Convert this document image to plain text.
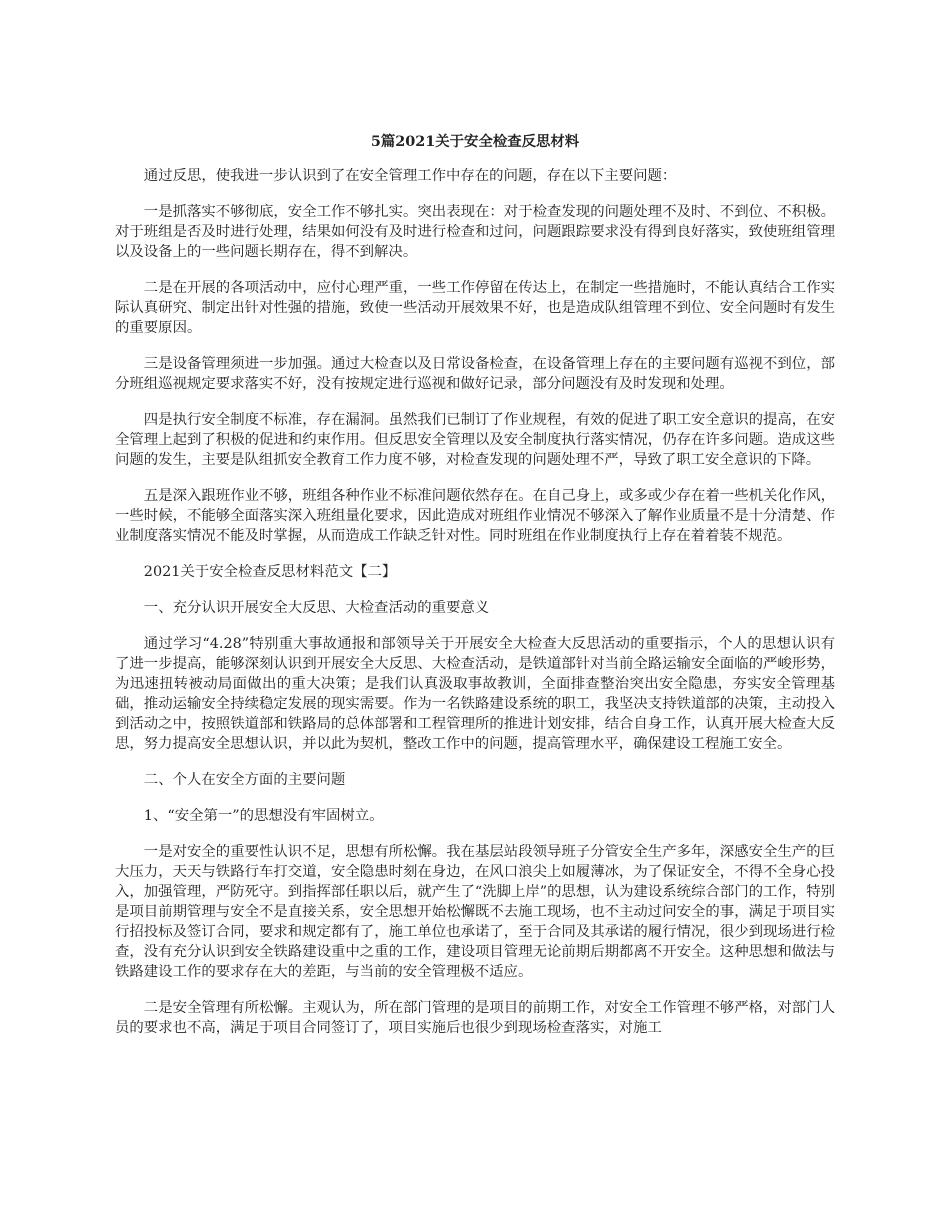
5篇2021关于安全检查反思材料

通过反思，使我进一步认识到了在安全管理工作中存在的问题，存在以下主要问题：

一是抓落实不够彻底，安全工作不够扎实。突出表现在：对于检查发现的问题处理不及时、不到位、不积极。对于班组是否及时进行处理，结果如何没有及时进行检查和过问，问题跟踪要求没有得到良好落实，致使班组管理以及设备上的一些问题长期存在，得不到解决。

二是在开展的各项活动中，应付心理严重，一些工作停留在传达上，在制定一些措施时，不能认真结合工作实际认真研究、制定出针对性强的措施，致使一些活动开展效果不好，也是造成队组管理不到位、安全问题时有发生的重要原因。

三是设备管理须进一步加强。通过大检查以及日常设备检查，在设备管理上存在的主要问题有巡视不到位，部分班组巡视规定要求落实不好，没有按规定进行巡视和做好记录，部分问题没有及时发现和处理。

四是执行安全制度不标准，存在漏洞。虽然我们已制订了作业规程，有效的促进了职工安全意识的提高，在安全管理上起到了积极的促进和约束作用。但反思安全管理以及安全制度执行落实情况，仍存在许多问题。造成这些问题的发生，主要是队组抓安全教育工作力度不够，对检查发现的问题处理不严，导致了职工安全意识的下降。

五是深入跟班作业不够，班组各种作业不标准问题依然存在。在自己身上，或多或少存在着一些机关化作风，一些时候，不能够全面落实深入班组量化要求，因此造成对班组作业情况不够深入了解作业质量不是十分清楚、作业制度落实情况不能及时掌握，从而造成工作缺乏针对性。同时班组在作业制度执行上存在着着装不规范。

2021关于安全检查反思材料范文【二】

一、充分认识开展安全大反思、大检查活动的重要意义

通过学习“4.28”特别重大事故通报和部领导关于开展安全大检查大反思活动的重要指示，个人的思想认识有了进一步提高，能够深刻认识到开展安全大反思、大检查活动，是铁道部针对当前全路运输安全面临的严峻形势，为迅速扭转被动局面做出的重大决策；是我们认真汲取事故教训，全面排查整治突出安全隐患，夯实安全管理基础，推动运输安全持续稳定发展的现实需要。作为一名铁路建设系统的职工，我坚决支持铁道部的决策，主动投入到活动之中，按照铁道部和铁路局的总体部署和工程管理所的推进计划安排，结合自身工作，认真开展大检查大反思，努力提高安全思想认识，并以此为契机，整改工作中的问题，提高管理水平，确保建设工程施工安全。

二、个人在安全方面的主要问题

1、“安全第一”的思想没有牢固树立。

一是对安全的重要性认识不足，思想有所松懈。我在基层站段领导班子分管安全生产多年，深感安全生产的巨大压力，天天与铁路行车打交道，安全隐患时刻在身边，在风口浪尖上如履薄冰，为了保证安全，不得不全身心投入，加强管理，严防死守。到指挥部任职以后，就产生了“洗脚上岸”的思想，认为建设系统综合部门的工作，特别是项目前期管理与安全不是直接关系，安全思想开始松懈既不去施工现场，也不主动过问安全的事，满足于项目实行招投标及签订合同，要求和规定都有了，施工单位也承诺了，至于合同及其承诺的履行情况，很少到现场进行检查，没有充分认识到安全铁路建设重中之重的工作，建设项目管理无论前期后期都离不开安全。这种思想和做法与铁路建设工作的要求存在大的差距，与当前的安全管理极不适应。

二是安全管理有所松懈。主观认为，所在部门管理的是项目的前期工作，对安全工作管理不够严格，对部门人员的要求也不高，满足于项目合同签订了，项目实施后也很少到现场检查落实，对施工
